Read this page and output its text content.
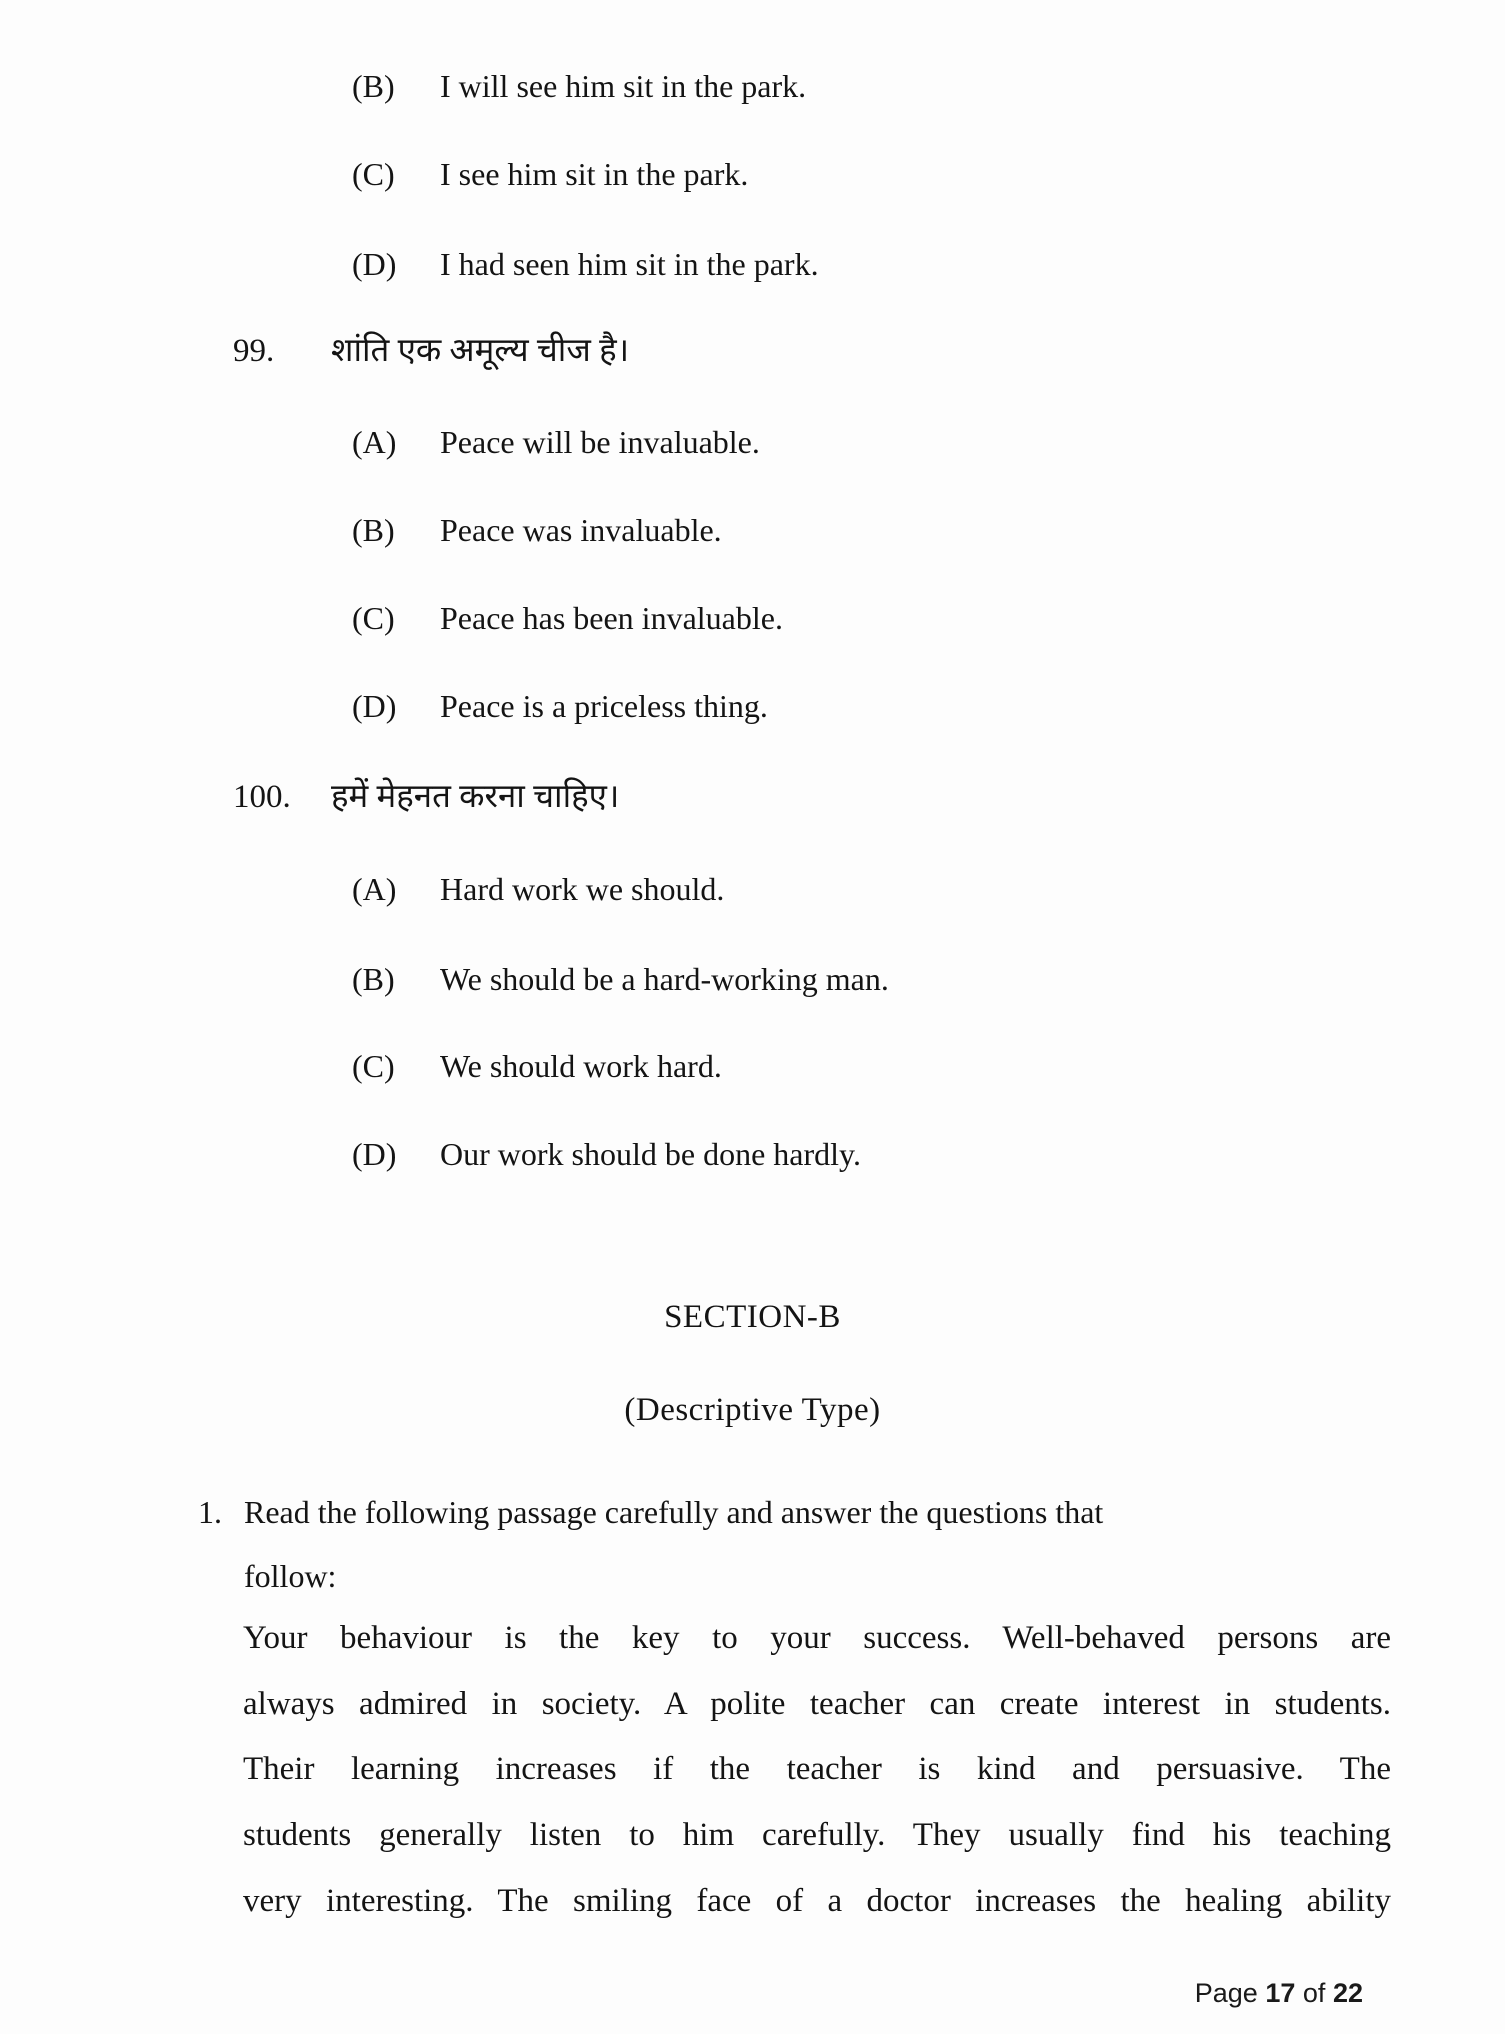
(B)	I will see him sit in the park.
(C)	I see him sit in the park.
(D)	I had seen him sit in the park.
99.	शांति एक अमूल्य चीज है।
(A)	Peace will be invaluable.
(B)	Peace was invaluable.
(C)	Peace has been invaluable.
(D)	Peace is a priceless thing.
100.	हमें मेहनत करना चाहिए।
(A)	Hard work we should.
(B)	We should be a hard-working man.
(C)	We should work hard.
(D)	Our work should be done hardly.
SECTION-B
(Descriptive Type)
1. Read the following passage carefully and answer the questions that
follow:
Your behaviour is the key to your success. Well-behaved persons are
always admired in society. A polite teacher can create interest in students.
Their learning increases if the teacher is kind and persuasive. The
students generally listen to him carefully. They usually find his teaching
very interesting. The smiling face of a doctor increases the healing ability
Page 17 of 22
